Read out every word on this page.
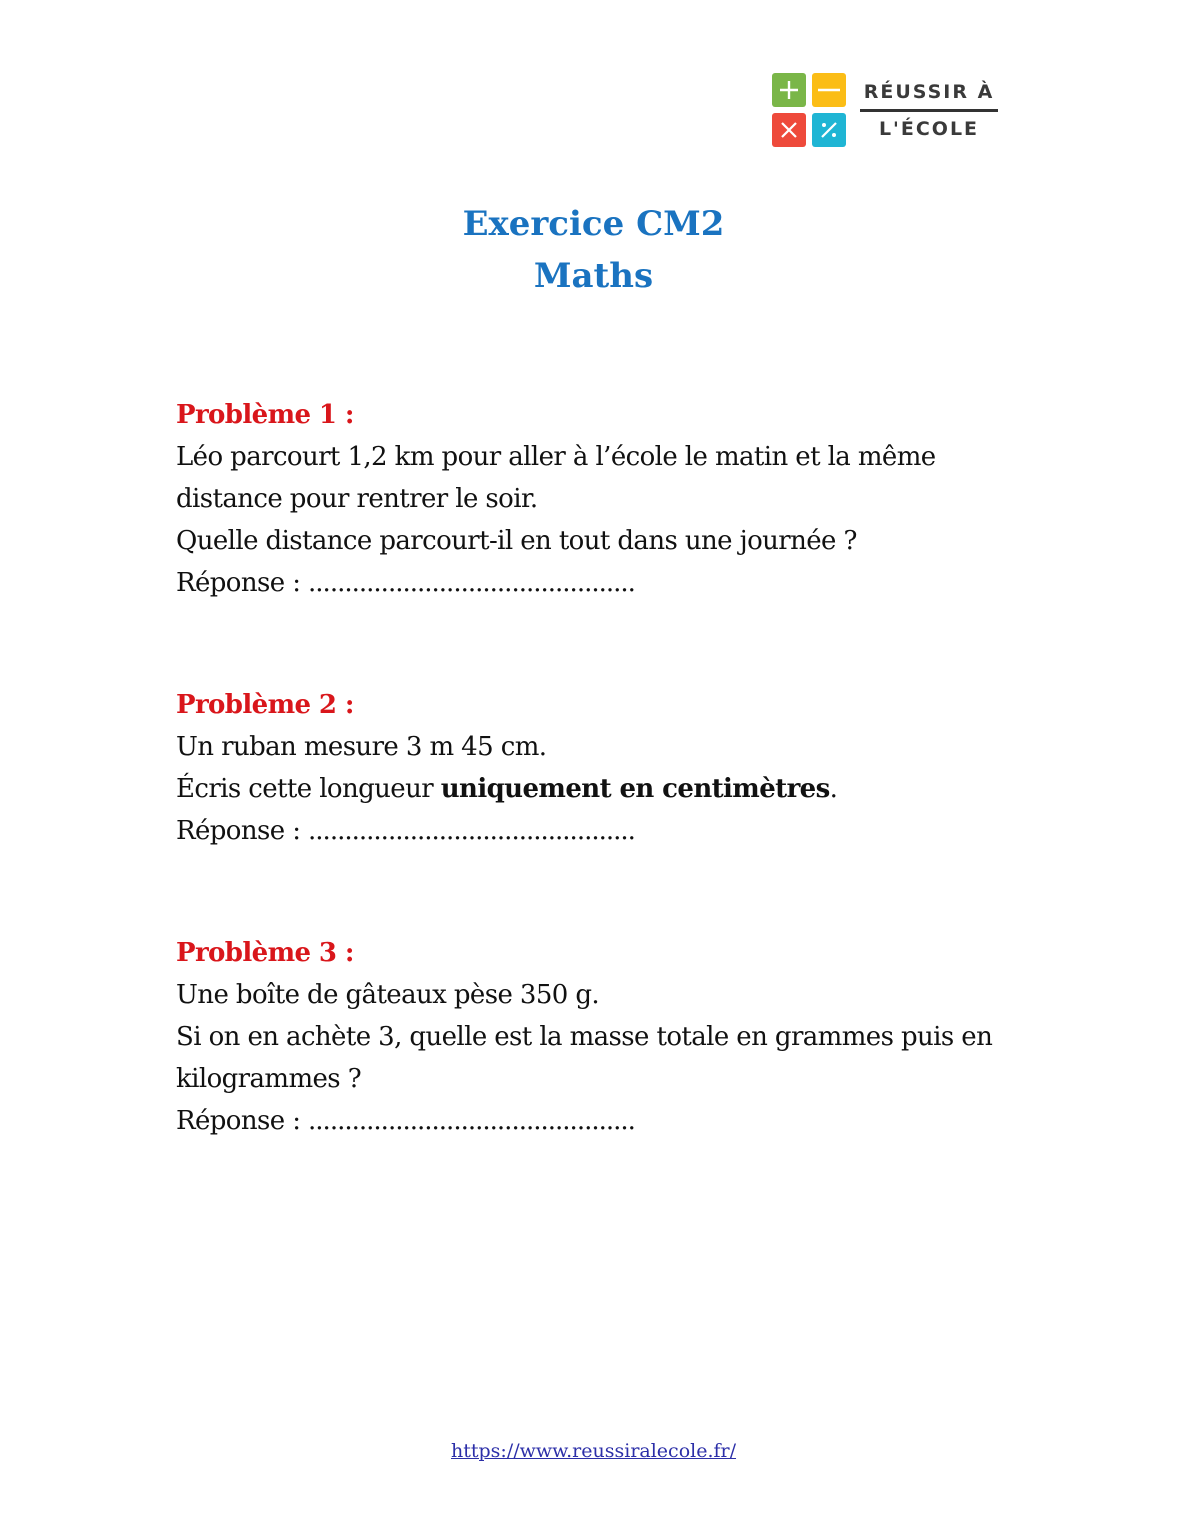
RÉUSSIR À
L'ÉCOLE
Exercice CM2
Maths
Problème 1 :
Léo parcourt 1,2 km pour aller à l’école le matin et la même
distance pour rentrer le soir.
Quelle distance parcourt-il en tout dans une journée ?
Réponse : .............................................
Problème 2 :
Un ruban mesure 3 m 45 cm.
Écris cette longueur uniquement en centimètres.
Réponse : .............................................
Problème 3 :
Une boîte de gâteaux pèse 350 g.
Si on en achète 3, quelle est la masse totale en grammes puis en
kilogrammes ?
Réponse : .............................................
https://www.reussiralecole.fr/
